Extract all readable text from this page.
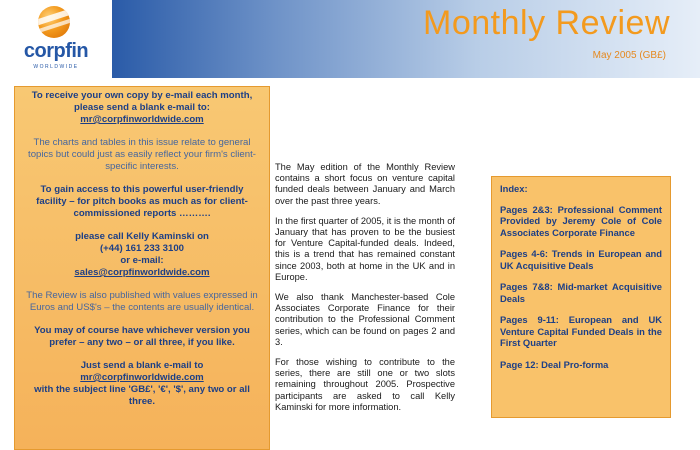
corpfin
WORLDWIDE
Monthly Review
May 2005 (GB£)

To receive your own copy by e-mail each month, please send a blank e-mail to:
mr@corpfinworldwide.com

The charts and tables in this issue relate to general topics but could just as easily reflect your firm's client-specific interests.

To gain access to this powerful user-friendly facility – for pitch books as much as for client-commissioned reports ……….

please call Kelly Kaminski on
(+44) 161 233 3100
or e-mail:
sales@corpfinworldwide.com

The Review is also published with values expressed in Euros and US$'s – the contents are usually identical.

You may of course have whichever version you prefer – any two – or all three, if you like.

Just send a blank e-mail to
mr@corpfinworldwide.com
with the subject line 'GB£', '€', '$', any two or all three.

The May edition of the Monthly Review contains a short focus on venture capital funded deals between January and March over the past three years.

In the first quarter of 2005, it is the month of January that has proven to be the busiest for Venture Capital-funded deals. Indeed, this is a trend that has remained constant since 2003, both at home in the UK and in Europe.

We also thank Manchester-based Cole Associates Corporate Finance for their contribution to the Professional Comment series, which can be found on pages 2 and 3.

For those wishing to contribute to the series, there are still one or two slots remaining throughout 2005. Prospective participants are asked to call Kelly Kaminski for more information.

Index:
Pages 2&3: Professional Comment Provided by Jeremy Cole of Cole Associates Corporate Finance
Pages 4-6: Trends in European and UK Acquisitive Deals
Pages 7&8: Mid-market Acquisitive Deals
Pages 9-11: European and UK Venture Capital Funded Deals in the First Quarter
Page 12: Deal Pro-forma
